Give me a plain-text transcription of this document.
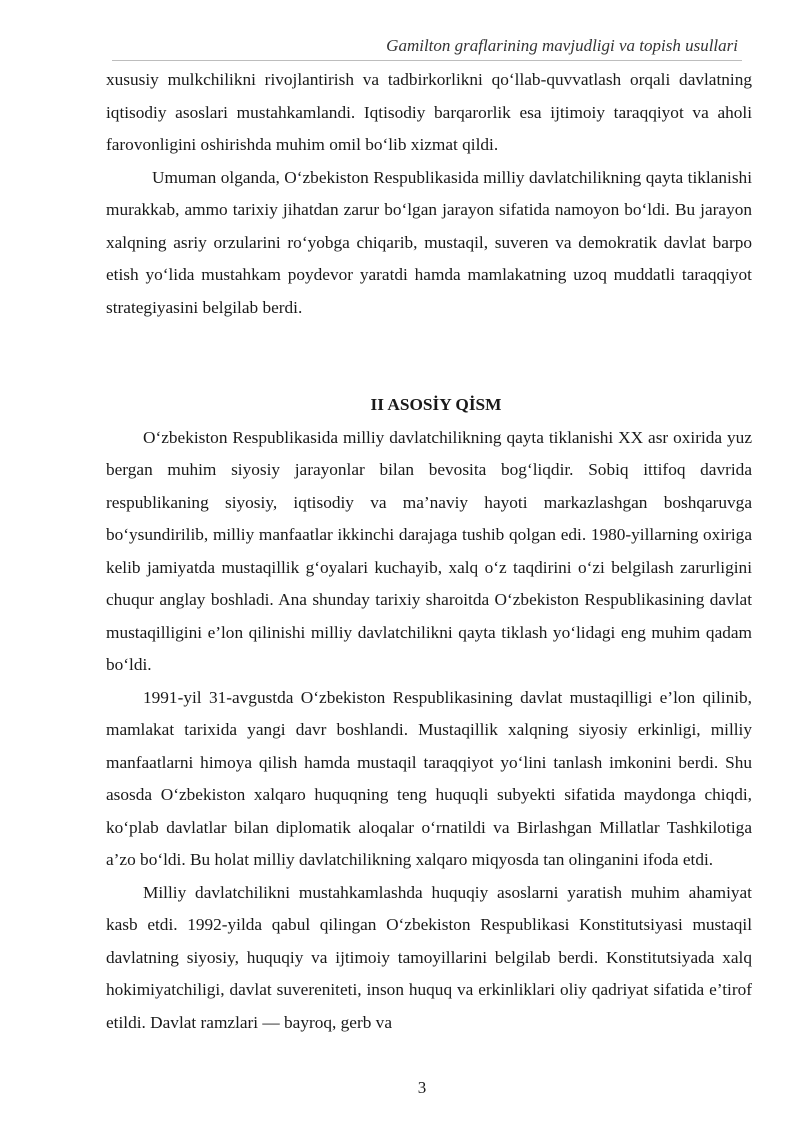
Gamilton graflarining mavjudligi va topish usullari

xususiy mulkchilikni rivojlantirish va tadbirkorlikni qo‘llab-quvvatlash orqali davlatning iqtisodiy asoslari mustahkamlandi. Iqtisodiy barqarorlik esa ijtimoiy taraqqiyot va aholi farovonligini oshirishda muhim omil bo‘lib xizmat qildi.

Umuman olganda, O‘zbekiston Respublikasida milliy davlatchilikning qayta tiklanishi murakkab, ammo tarixiy jihatdan zarur bo‘lgan jarayon sifatida namoyon bo‘ldi. Bu jarayon xalqning asriy orzularini ro‘yobga chiqarib, mustaqil, suveren va demokratik davlat barpo etish yo‘lida mustahkam poydevor yaratdi hamda mamlakatning uzoq muddatli taraqqiyot strategiyasini belgilab berdi.

II ASOSİY QİSM

O‘zbekiston Respublikasida milliy davlatchilikning qayta tiklanishi XX asr oxirida yuz bergan muhim siyosiy jarayonlar bilan bevosita bog‘liqdir. Sobiq ittifoq davrida respublikaning siyosiy, iqtisodiy va ma’naviy hayoti markazlashgan boshqaruvga bo‘ysundirilib, milliy manfaatlar ikkinchi darajaga tushib qolgan edi. 1980-yillarning oxiriga kelib jamiyatda mustaqillik g‘oyalari kuchayib, xalq o‘z taqdirini o‘zi belgilash zarurligini chuqur anglay boshladi. Ana shunday tarixiy sharoitda O‘zbekiston Respublikasining davlat mustaqilligini e’lon qilinishi milliy davlatchilikni qayta tiklash yo‘lidagi eng muhim qadam bo‘ldi.

1991-yil 31-avgustda O‘zbekiston Respublikasining davlat mustaqilligi e’lon qilinib, mamlakat tarixida yangi davr boshlandi. Mustaqillik xalqning siyosiy erkinligi, milliy manfaatlarni himoya qilish hamda mustaqil taraqqiyot yo‘lini tanlash imkonini berdi. Shu asosda O‘zbekiston xalqaro huquqning teng huquqli subyekti sifatida maydonga chiqdi, ko‘plab davlatlar bilan diplomatik aloqalar o‘rnatildi va Birlashgan Millatlar Tashkilotiga a’zo bo‘ldi. Bu holat milliy davlatchilikning xalqaro miqyosda tan olinganini ifoda etdi.

Milliy davlatchilikni mustahkamlashda huquqiy asoslarni yaratish muhim ahamiyat kasb etdi. 1992-yilda qabul qilingan O‘zbekiston Respublikasi Konstitutsiyasi mustaqil davlatning siyosiy, huquqiy va ijtimoiy tamoyillarini belgilab berdi. Konstitutsiyada xalq hokimiyatchiligi, davlat suvereniteti, inson huquq va erkinliklari oliy qadriyat sifatida e’tirof etildi. Davlat ramzlari — bayroq, gerb va

3
